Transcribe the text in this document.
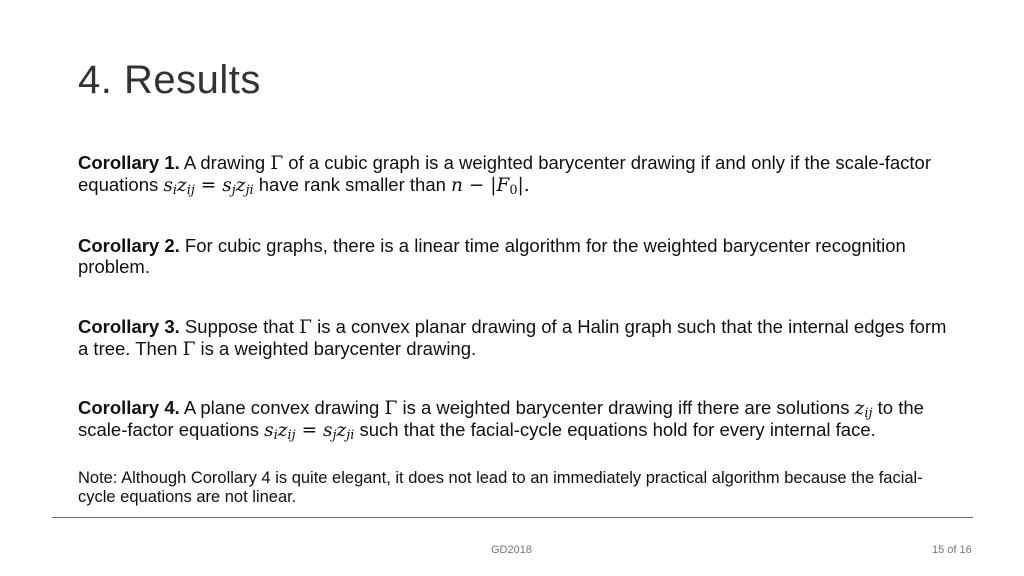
4. Results

Corollary 1. A drawing Γ of a cubic graph is a weighted barycenter drawing if and only if the scale-factor equations $s_iz_{ij} = s_jz_{ji}$ have rank smaller than $n - |F_0|$.

Corollary 2. For cubic graphs, there is a linear time algorithm for the weighted barycenter recognition problem.

Corollary 3. Suppose that Γ is a convex planar drawing of a Halin graph such that the internal edges form a tree. Then Γ is a weighted barycenter drawing.

Corollary 4. A plane convex drawing Γ is a weighted barycenter drawing iff there are solutions $z_{ij}$ to the scale-factor equations $s_iz_{ij} = s_jz_{ji}$ such that the facial-cycle equations hold for every internal face.

Note: Although Corollary 4 is quite elegant, it does not lead to an immediately practical algorithm because the facial-cycle equations are not linear.

GD2018	15 of 16
